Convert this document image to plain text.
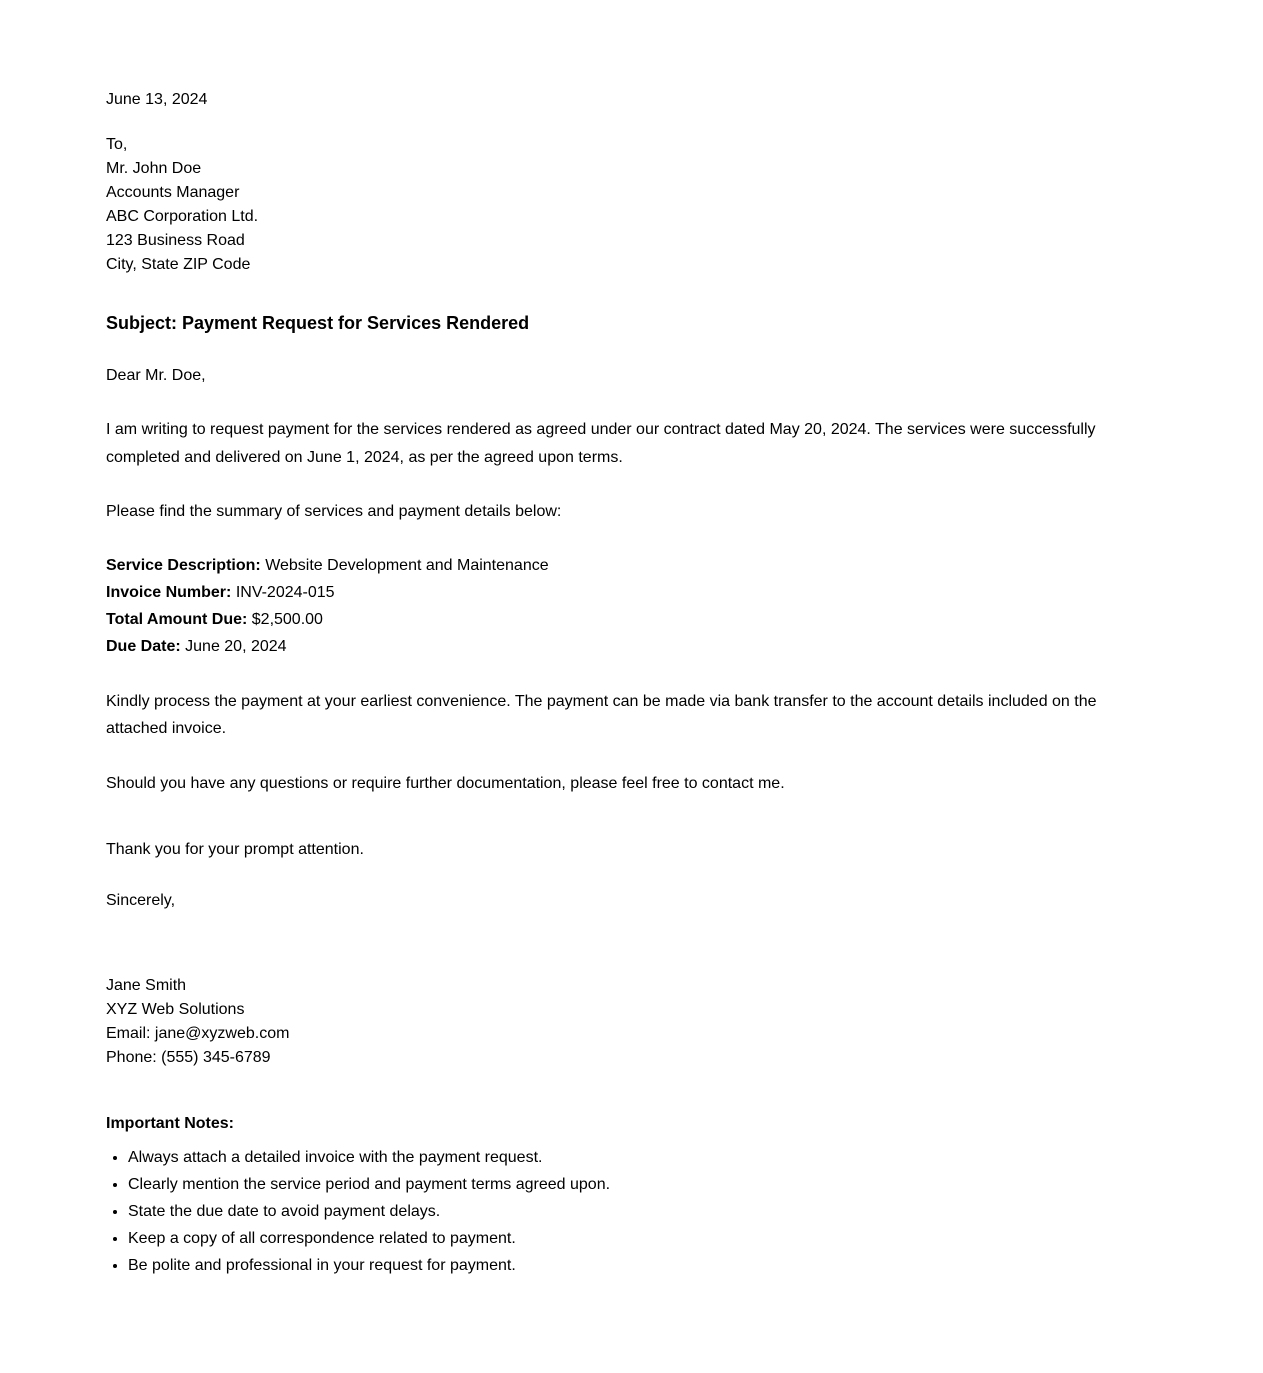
June 13, 2024
To,
Mr. John Doe
Accounts Manager
ABC Corporation Ltd.
123 Business Road
City, State ZIP Code
Subject: Payment Request for Services Rendered
Dear Mr. Doe,
I am writing to request payment for the services rendered as agreed under our contract dated May 20, 2024. The services were successfully completed and delivered on June 1, 2024, as per the agreed upon terms.
Please find the summary of services and payment details below:
Service Description: Website Development and Maintenance
Invoice Number: INV-2024-015
Total Amount Due: $2,500.00
Due Date: June 20, 2024
Kindly process the payment at your earliest convenience. The payment can be made via bank transfer to the account details included on the attached invoice.
Should you have any questions or require further documentation, please feel free to contact me.
Thank you for your prompt attention.
Sincerely,
Jane Smith
XYZ Web Solutions
Email: jane@xyzweb.com
Phone: (555) 345-6789
Important Notes:
• Always attach a detailed invoice with the payment request.
• Clearly mention the service period and payment terms agreed upon.
• State the due date to avoid payment delays.
• Keep a copy of all correspondence related to payment.
• Be polite and professional in your request for payment.
